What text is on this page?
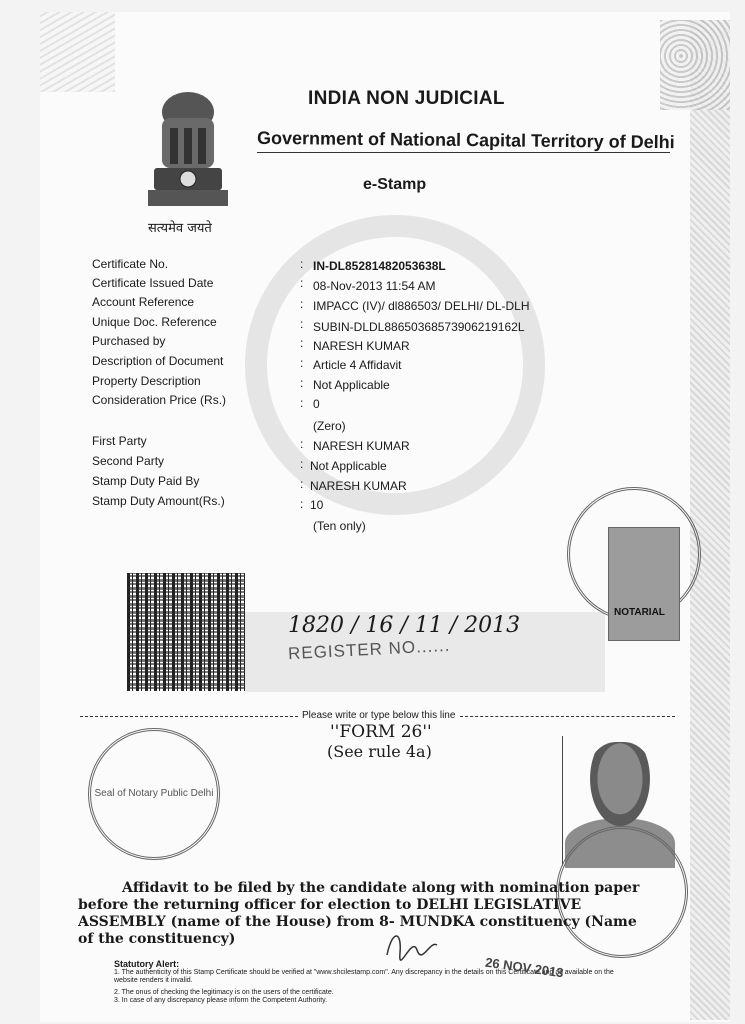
सत्यमेव जयते
INDIA NON JUDICIAL
Government of National Capital Territory of Delhi
e-Stamp
Certificate No.	: IN-DL85281482053638L
Certificate Issued Date	: 08-Nov-2013 11:54 AM
Account Reference	: IMPACC (IV)/ dl886503/ DELHI/ DL-DLH
Unique Doc. Reference	: SUBIN-DLDL88650368573906219162L
Purchased by	: NARESH KUMAR
Description of Document	: Article 4 Affidavit
Property Description	: Not Applicable
Consideration Price (Rs.)	: 0
(Zero)
First Party	: NARESH KUMAR
Second Party	: Not Applicable
Stamp Duty Paid By	: NARESH KUMAR
Stamp Duty Amount(Rs.)	: 10
(Ten only)
1820 / 16 / 11 / 2013
REGISTER NO......
NOTARIAL
Please write or type below this line
''FORM 26''
(See rule 4a)
Seal of Notary Public Delhi
Affidavit to be filed by the candidate along with nomination paper before the returning officer for election to DELHI LEGISLATIVE ASSEMBLY (name of the House) from 8- MUNDKA constituency (Name of the constituency)
Statutory Alert:
1. The authenticity of this Stamp Certificate should be verified at "www.shcilestamp.com". Any discrepancy in the details on this Certificate and as available on the website renders it invalid.
2. The onus of checking the legitimacy is on the users of the certificate.
3. In case of any discrepancy please inform the Competent Authority.
26 NOV 2013
